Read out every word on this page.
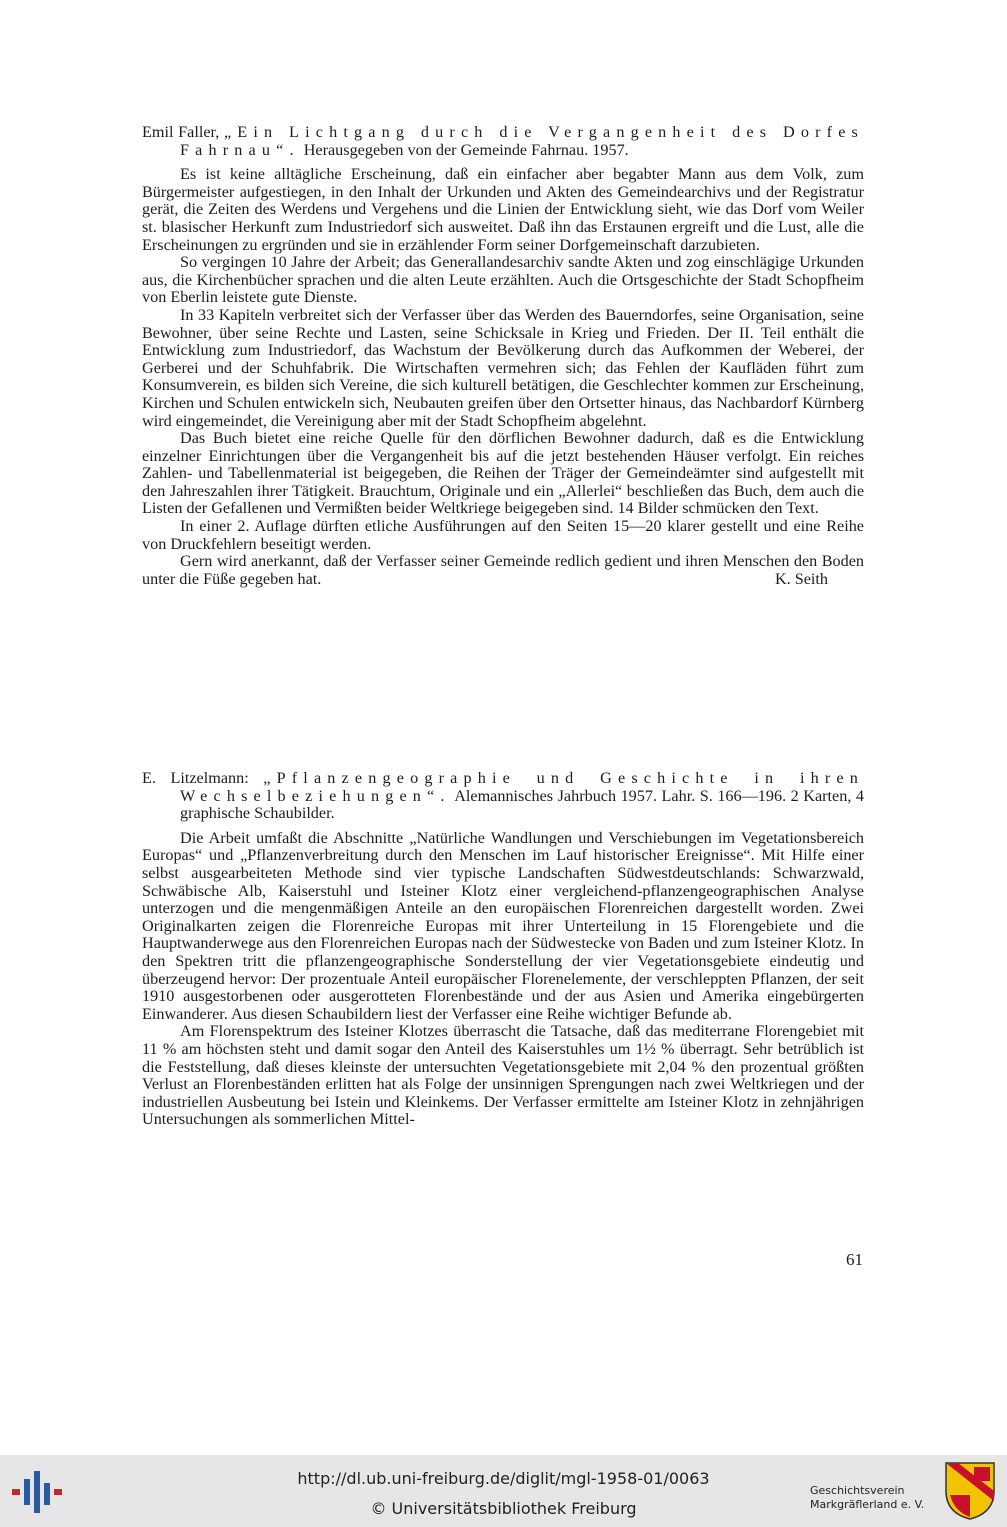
Emil Faller, „Ein Lichtgang durch die Vergangenheit des Dorfes Fahrnau“. Herausgegeben von der Gemeinde Fahrnau. 1957.

Es ist keine alltägliche Erscheinung, daß ein einfacher aber begabter Mann aus dem Volk, zum Bürgermeister aufgestiegen, in den Inhalt der Urkunden und Akten des Gemeindearchivs und der Registratur gerät, die Zeiten des Werdens und Vergehens und die Linien der Entwicklung sieht, wie das Dorf vom Weiler st. blasischer Herkunft zum Industriedorf sich ausweitet. Daß ihn das Erstaunen ergreift und die Lust, alle die Erscheinungen zu ergründen und sie in erzählender Form seiner Dorfgemeinschaft darzubieten.

So vergingen 10 Jahre der Arbeit; das Generallandesarchiv sandte Akten und zog einschlägige Urkunden aus, die Kirchenbücher sprachen und die alten Leute erzählten. Auch die Ortsgeschichte der Stadt Schopfheim von Eberlin leistete gute Dienste.

In 33 Kapiteln verbreitet sich der Verfasser über das Werden des Bauerndorfes, seine Organisation, seine Bewohner, über seine Rechte und Lasten, seine Schicksale in Krieg und Frieden. Der II. Teil enthält die Entwicklung zum Industriedorf, das Wachstum der Bevölkerung durch das Aufkommen der Weberei, der Gerberei und der Schuhfabrik. Die Wirtschaften vermehren sich; das Fehlen der Kaufläden führt zum Konsumverein, es bilden sich Vereine, die sich kulturell betätigen, die Geschlechter kommen zur Erscheinung, Kirchen und Schulen entwickeln sich, Neubauten greifen über den Ortsetter hinaus, das Nachbardorf Kürnberg wird eingemeindet, die Vereinigung aber mit der Stadt Schopfheim abgelehnt.

Das Buch bietet eine reiche Quelle für den dörflichen Bewohner dadurch, daß es die Entwicklung einzelner Einrichtungen über die Vergangenheit bis auf die jetzt bestehenden Häuser verfolgt. Ein reiches Zahlen- und Tabellenmaterial ist beigegeben, die Reihen der Träger der Gemeindeämter sind aufgestellt mit den Jahreszahlen ihrer Tätigkeit. Brauchtum, Originale und ein „Allerlei“ beschließen das Buch, dem auch die Listen der Gefallenen und Vermißten beider Weltkriege beigegeben sind. 14 Bilder schmücken den Text.

In einer 2. Auflage dürften etliche Ausführungen auf den Seiten 15—20 klarer gestellt und eine Reihe von Druckfehlern beseitigt werden.

Gern wird anerkannt, daß der Verfasser seiner Gemeinde redlich gedient und ihren Menschen den Boden unter die Füße gegeben hat.	K. Seith

E. Litzelmann: „Pflanzengeographie und Geschichte in ihren Wechselbeziehungen“. Alemannisches Jahrbuch 1957. Lahr. S. 166—196. 2 Karten, 4 graphische Schaubilder.

Die Arbeit umfaßt die Abschnitte „Natürliche Wandlungen und Verschiebungen im Vegetationsbereich Europas“ und „Pflanzenverbreitung durch den Menschen im Lauf historischer Ereignisse“. Mit Hilfe einer selbst ausgearbeiteten Methode sind vier typische Landschaften Südwestdeutschlands: Schwarzwald, Schwäbische Alb, Kaiserstuhl und Isteiner Klotz einer vergleichend-pflanzengeographischen Analyse unterzogen und die mengenmäßigen Anteile an den europäischen Florenreichen dargestellt worden. Zwei Originalkarten zeigen die Florenreiche Europas mit ihrer Unterteilung in 15 Florengebiete und die Hauptwanderwege aus den Florenreichen Europas nach der Südwestecke von Baden und zum Isteiner Klotz. In den Spektren tritt die pflanzengeographische Sonderstellung der vier Vegetationsgebiete eindeutig und überzeugend hervor: Der prozentuale Anteil europäischer Florenelemente, der verschleppten Pflanzen, der seit 1910 ausgestorbenen oder ausgerotteten Florenbestände und der aus Asien und Amerika eingebürgerten Einwanderer. Aus diesen Schaubildern liest der Verfasser eine Reihe wichtiger Befunde ab.

Am Florenspektrum des Isteiner Klotzes überrascht die Tatsache, daß das mediterrane Florengebiet mit 11 % am höchsten steht und damit sogar den Anteil des Kaiserstuhles um 1½ % überragt. Sehr betrüblich ist die Feststellung, daß dieses kleinste der untersuchten Vegetationsgebiete mit 2,04 % den prozentual größten Verlust an Florenbeständen erlitten hat als Folge der unsinnigen Sprengungen nach zwei Weltkriegen und der industriellen Ausbeutung bei Istein und Kleinkems. Der Verfasser ermittelte am Isteiner Klotz in zehnjährigen Untersuchungen als sommerlichen Mittel-

61
http://dl.ub.uni-freiburg.de/diglit/mgl-1958-01/0063
© Universitätsbibliothek Freiburg
Geschichtsverein
Markgräflerland e. V.
